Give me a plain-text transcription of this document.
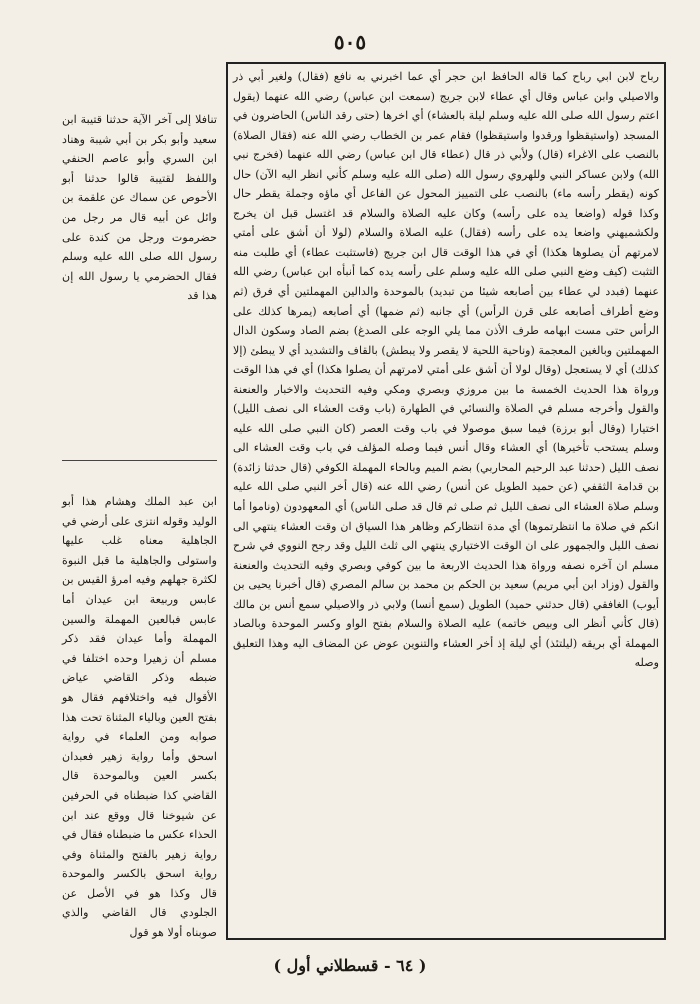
٥٠٥

رباح لابن ابي رباح كما قاله الحافظ ابن حجر أي عما اخبرني به نافع (فقال) ولغير أبي ذر والاصيلي وابن عباس وقال أي عطاء لابن جريج (سمعت ابن عباس) رضي الله عنهما (يقول اعتم رسول الله صلى الله عليه وسلم ليلة بالعشاء) أي اخرها (حتى رقد الناس) الحاضرون في المسجد (واستيقظوا ورقدوا واستيقظوا) فقام عمر بن الخطاب رضي الله عنه (فقال الصلاة) بالنصب على الاغراء (قال) ولأبي ذر قال (عطاء قال ابن عباس) رضي الله عنهما (فخرج نبي الله) ولابن عساكر النبي وللهروي رسول الله (صلى الله عليه وسلم كأني انظر اليه الآن) حال كونه (يقطر رأسه ماء) بالنصب على التمييز المحول عن الفاعل أي ماؤه وجملة يقطر حال وكذا قوله (واضعا يده على رأسه) وكان عليه الصلاة والسلام قد اغتسل قبل ان يخرج ولكشميهني واضعا يده على رأسه (فقال) عليه الصلاة والسلام (لولا أن أشق على أمتي لامرتهم أن يصلوها هكذا) أي في هذا الوقت قال ابن جريج (فاستثبت عطاء) أي طلبت منه التثبت (كيف وضع النبي صلى الله عليه وسلم على رأسه يده كما أنبأه ابن عباس) رضي الله عنهما (فبدد لي عطاء بين أصابعه شيئا من تبديد) بالموحدة والدالين المهملتين أي فرق (ثم وضع أطراف أصابعه على قرن الرأس) أي جانبه (ثم ضمها) أي أصابعه (يمرها كذلك على الرأس حتى مست ابهامه طرف الأذن مما يلي الوجه على الصدغ) بضم الصاد وسكون الدال المهملتين وبالغين المعجمة (وناحية اللحية لا يقصر ولا يبطش) بالقاف والتشديد أي لا يبطئ (إلا كذلك) أي لا يستعجل (وقال لولا أن أشق على أمتي لامرتهم أن يصلوا هكذا) أي في هذا الوقت ورواة هذا الحديث الخمسة ما بين مروزي وبصري ومكي وفيه التحديث والاخبار والعنعنة والقول وأخرجه مسلم في الصلاة والنسائي في الطهارة (باب وقت العشاء الى نصف الليل) اختيارا (وقال أبو برزة) فيما سبق موصولا في باب وقت العصر (كان النبي صلى الله عليه وسلم يستحب تأخيرها) أي العشاء وقال أنس فيما وصله المؤلف في باب وقت العشاء الى نصف الليل (حدثنا عبد الرحيم المحاربي) بضم الميم وبالحاء المهملة الكوفي (قال حدثنا زائدة) بن قدامة الثقفي (عن حميد الطويل عن أنس) رضي الله عنه (قال أخر النبي صلى الله عليه وسلم صلاة العشاء الى نصف الليل ثم صلى ثم قال قد صلى الناس) أي المعهودون (وناموا أما انكم في صلاة ما انتظرتموها) أي مدة انتظاركم وظاهر هذا السياق ان وقت العشاء ينتهي الى نصف الليل والجمهور على ان الوقت الاختياري ينتهي الى ثلث الليل وقد رجح النووي في شرح مسلم ان آخره نصفه ورواة هذا الحديث الاربعة ما بين كوفي وبصري وفيه التحديث والعنعنة والقول (وزاد ابن أبي مريم) سعيد بن الحكم بن محمد بن سالم المصري (قال أخبرنا يحيى بن أيوب) الغافقي (قال حدثني حميد) الطويل (سمع أنسا) ولابي ذر والاصيلي سمع أنس بن مالك (قال كأني أنظر الى وبيص خاتمه) عليه الصلاة والسلام بفتح الواو وكسر الموحدة وبالصاد المهملة أي بريقه (ليلتئذ) أي ليلة إذ أخر العشاء والتنوين عوض عن المضاف اليه وهذا التعليق وصله

تنافلا إلى آخر الآية حدثنا قتيبة ابن سعيد وأبو بكر بن أبي شيبة وهناد ابن السري وأبو عاصم الحنفي واللفظ لقتيبة قالوا حدثنا أبو الأحوص عن سماك عن علقمة بن وائل عن أبيه قال مر رجل من حضرموت ورجل من كندة على رسول الله صلى الله عليه وسلم فقال الحضرمي يا رسول الله إن هذا قد

ابن عبد الملك وهشام هذا أبو الوليد وقوله انتزى على أرضي في الجاهلية معناه غلب عليها واستولى والجاهلية ما قبل النبوة لكثرة جهلهم وفيه امرؤ القيس بن عابس وربيعة ابن عيدان أما عابس فبالعين المهملة والسين المهملة وأما عيدان فقد ذكر مسلم أن زهيرا وحده اختلفا في ضبطه وذكر القاضي عياض الأقوال فيه واختلافهم فقال هو بفتح العين وبالياء المثناة تحت هذا صوابه ومن العلماء في رواية اسحق وأما رواية زهير فعبدان بكسر العين وبالموحدة قال القاضي كذا ضبطناه في الحرفين عن شيوخنا قال ووقع عند ابن الحذاء عكس ما ضبطناه فقال في رواية زهير بالفتح والمثناة وفي رواية اسحق بالكسر والموحدة قال وكذا هو في الأصل عن الجلودي قال القاضي والذي صوبناه أولا هو قول

( ٦٤ - قسطلاني أول )
